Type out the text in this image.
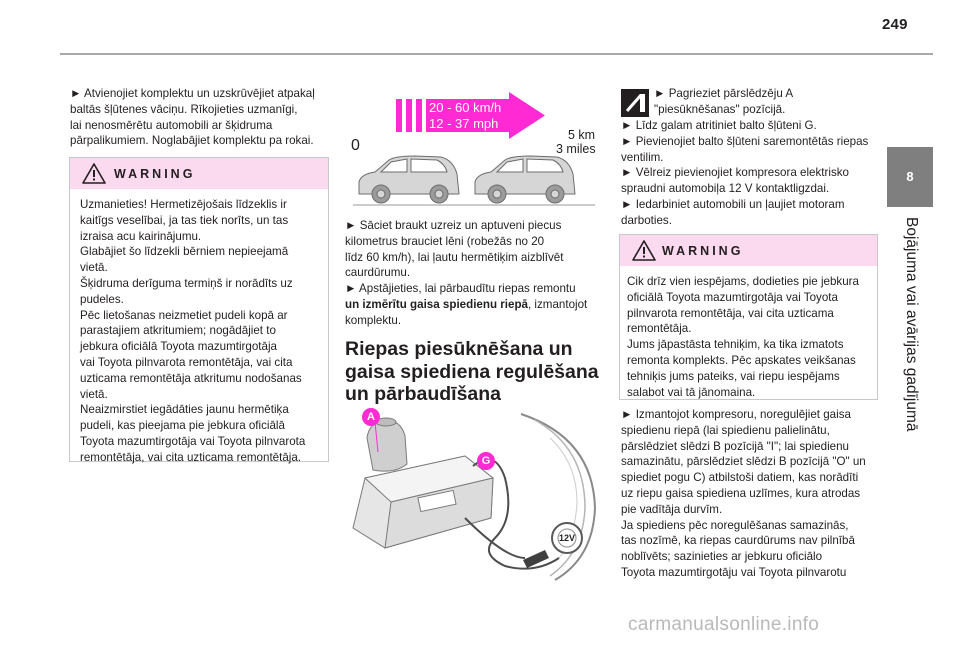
249
8
Bojājuma vai avārijas gadījumā

► Atvienojiet komplektu un uzskrūvējiet atpakaļ

baltās šļūtenes vāciņu. Rīkojieties uzmanīgi,

lai nenosmērētu automobili ar šķidruma

pārpalikumiem. Noglabājiet komplektu pa rokai.

WARNING

Uzmanieties! Hermetizējošais līdzeklis ir

kaitīgs veselībai, ja tas tiek norīts, un tas

izraisa acu kairinājumu.

Glabājiet šo līdzekli bērniem nepieejamā

vietā.

Šķidruma derīguma termiņš ir norādīts uz

pudeles.

Pēc lietošanas neizmetiet pudeli kopā ar

parastajiem atkritumiem; nogādājiet to

jebkura oficiālā Toyota mazumtirgotāja

vai Toyota pilnvarota remontētāja, vai cita

uzticama remontētāja atkritumu nodošanas

vietā.

Neaizmirstiet iegādāties jaunu hermētiķa

pudeli, kas pieejama pie jebkura oficiālā

Toyota mazumtirgotāja vai Toyota pilnvarota

remontētāja, vai cita uzticama remontētāja.

20 - 60 km/h
12 - 37 mph
5 km
3 miles
0

► Sāciet braukt uzreiz un aptuveni piecus

kilometrus brauciet lēni (robežās no 20

līdz 60 km/h), lai ļautu hermētiķim aizblīvēt

caurdūrumu.

► Apstājieties, lai pārbaudītu riepas remontu

un izmērītu gaisa spiedienu riepā, izmantojot

komplektu.

Riepas piesūknēšana un

gaisa spiediena regulēšana

un pārbaudīšana

A
G
12V

► Pagrieziet pārslēdzēju A

"piesūknēšanas" pozīcijā.

► Līdz galam atritiniet balto šļūteni G.

► Pievienojiet balto šļūteni saremontētās riepas

ventilim.

► Vēlreiz pievienojiet kompresora elektrisko

spraudni automobiļa 12 V kontaktligzdai.

► Iedarbiniet automobili un ļaujiet motoram

darboties.

WARNING

Cik drīz vien iespējams, dodieties pie jebkura

oficiālā Toyota mazumtirgotāja vai Toyota

pilnvarota remontētāja, vai cita uzticama

remontētāja.

Jums jāpastāsta tehniķim, ka tika izmatots

remonta komplekts. Pēc apskates veikšanas

tehniķis jums pateiks, vai riepu iespējams

salabot vai tā jānomaina.

► Izmantojot kompresoru, noregulējiet gaisa

spiedienu riepā (lai spiedienu palielinātu,

pārslēdziet slēdzi B pozīcijā "I"; lai spiedienu

samazinātu, pārslēdziet slēdzi B pozīcijā "O" un

spiediet pogu C) atbilstoši datiem, kas norādīti

uz riepu gaisa spiediena uzlīmes, kura atrodas

pie vadītāja durvīm.

Ja spiediens pēc noregulēšanas samazinās,

tas nozīmē, ka riepas caurdūrums nav pilnībā

noblīvēts; sazinieties ar jebkuru oficiālo

Toyota mazumtirgotāju vai Toyota pilnvarotu

carmanualsonline.info
